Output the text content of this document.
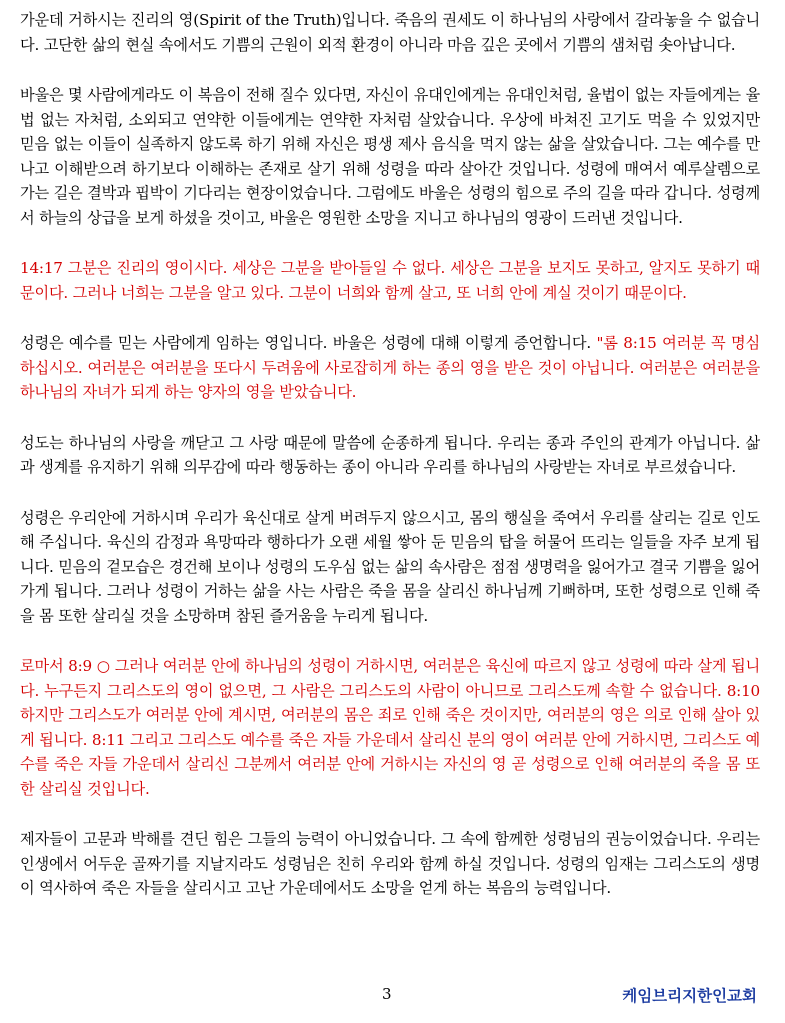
가운데 거하시는 진리의 영(Spirit of the Truth)입니다. 죽음의 권세도 이 하나님의 사랑에서 갈라놓을 수 없습니다. 고단한 삶의 현실 속에서도 기쁨의 근원이 외적 환경이 아니라 마음 깊은 곳에서 기쁨의 샘처럼 솟아납니다.

바울은 몇 사람에게라도 이 복음이 전해 질수 있다면, 자신이 유대인에게는 유대인처럼, 율법이 없는 자들에게는 율법 없는 자처럼, 소외되고 연약한 이들에게는 연약한 자처럼 살았습니다. 우상에 바쳐진 고기도 먹을 수 있었지만 믿음 없는 이들이 실족하지 않도록 하기 위해 자신은 평생 제사 음식을 먹지 않는 삶을 살았습니다. 그는 예수를 만나고 이해받으려 하기보다 이해하는 존재로 살기 위해 성령을 따라 살아간 것입니다. 성령에 매여서 예루살렘으로 가는 길은 결박과 핍박이 기다리는 현장이었습니다. 그럼에도 바울은 성령의 힘으로 주의 길을 따라 갑니다. 성령께서 하늘의 상급을 보게 하셨을 것이고, 바울은 영원한 소망을 지니고 하나님의 영광이 드러낸 것입니다.

14:17 그분은 진리의 영이시다. 세상은 그분을 받아들일 수 없다. 세상은 그분을 보지도 못하고, 알지도 못하기 때문이다. 그러나 너희는 그분을 알고 있다. 그분이 너희와 함께 살고, 또 너희 안에 계실 것이기 때문이다.

성령은 예수를 믿는 사람에게 임하는 영입니다. 바울은 성령에 대해 이렇게 증언합니다. "롬 8:15 여러분 꼭 명심하십시오. 여러분은 여러분을 또다시 두려움에 사로잡히게 하는 종의 영을 받은 것이 아닙니다. 여러분은 여러분을 하나님의 자녀가 되게 하는 양자의 영을 받았습니다.

성도는 하나님의 사랑을 깨닫고 그 사랑 때문에 말씀에 순종하게 됩니다. 우리는 종과 주인의 관계가 아닙니다. 삶과 생계를 유지하기 위해 의무감에 따라 행동하는 종이 아니라 우리를 하나님의 사랑받는 자녀로 부르셨습니다.

성령은 우리안에 거하시며 우리가 육신대로 살게 버려두지 않으시고, 몸의 행실을 죽여서 우리를 살리는 길로 인도해 주십니다. 육신의 감정과 욕망따라 행하다가 오랜 세월 쌓아 둔 믿음의 탑을 허물어 뜨리는 일들을 자주 보게 됩니다. 믿음의 겉모습은 경건해 보이나 성령의 도우심 없는 삶의 속사람은 점점 생명력을 잃어가고 결국 기쁨을 잃어가게 됩니다. 그러나 성령이 거하는 삶을 사는 사람은 죽을 몸을 살리신 하나님께 기뻐하며, 또한 성령으로 인해 죽을 몸 또한 살리실 것을 소망하며 참된 즐거움을 누리게 됩니다.

로마서 8:9 ○ 그러나 여러분 안에 하나님의 성령이 거하시면, 여러분은 육신에 따르지 않고 성령에 따라 살게 됩니다. 누구든지 그리스도의 영이 없으면, 그 사람은 그리스도의 사람이 아니므로 그리스도께 속할 수 없습니다. 8:10 하지만 그리스도가 여러분 안에 계시면, 여러분의 몸은 죄로 인해 죽은 것이지만, 여러분의 영은 의로 인해 살아 있게 됩니다. 8:11 그리고 그리스도 예수를 죽은 자들 가운데서 살리신 분의 영이 여러분 안에 거하시면, 그리스도 예수를 죽은 자들 가운데서 살리신 그분께서 여러분 안에 거하시는 자신의 영 곧 성령으로 인해 여러분의 죽을 몸 또한 살리실 것입니다.

제자들이 고문과 박해를 견딘 힘은 그들의 능력이 아니었습니다. 그 속에 함께한 성령님의 권능이었습니다. 우리는 인생에서 어두운 골짜기를 지날지라도 성령님은 친히 우리와 함께 하실 것입니다. 성령의 임재는 그리스도의 생명이 역사하여 죽은 자들을 살리시고 고난 가운데에서도 소망을 얻게 하는 복음의 능력입니다.

3	케임브리지한인교회
